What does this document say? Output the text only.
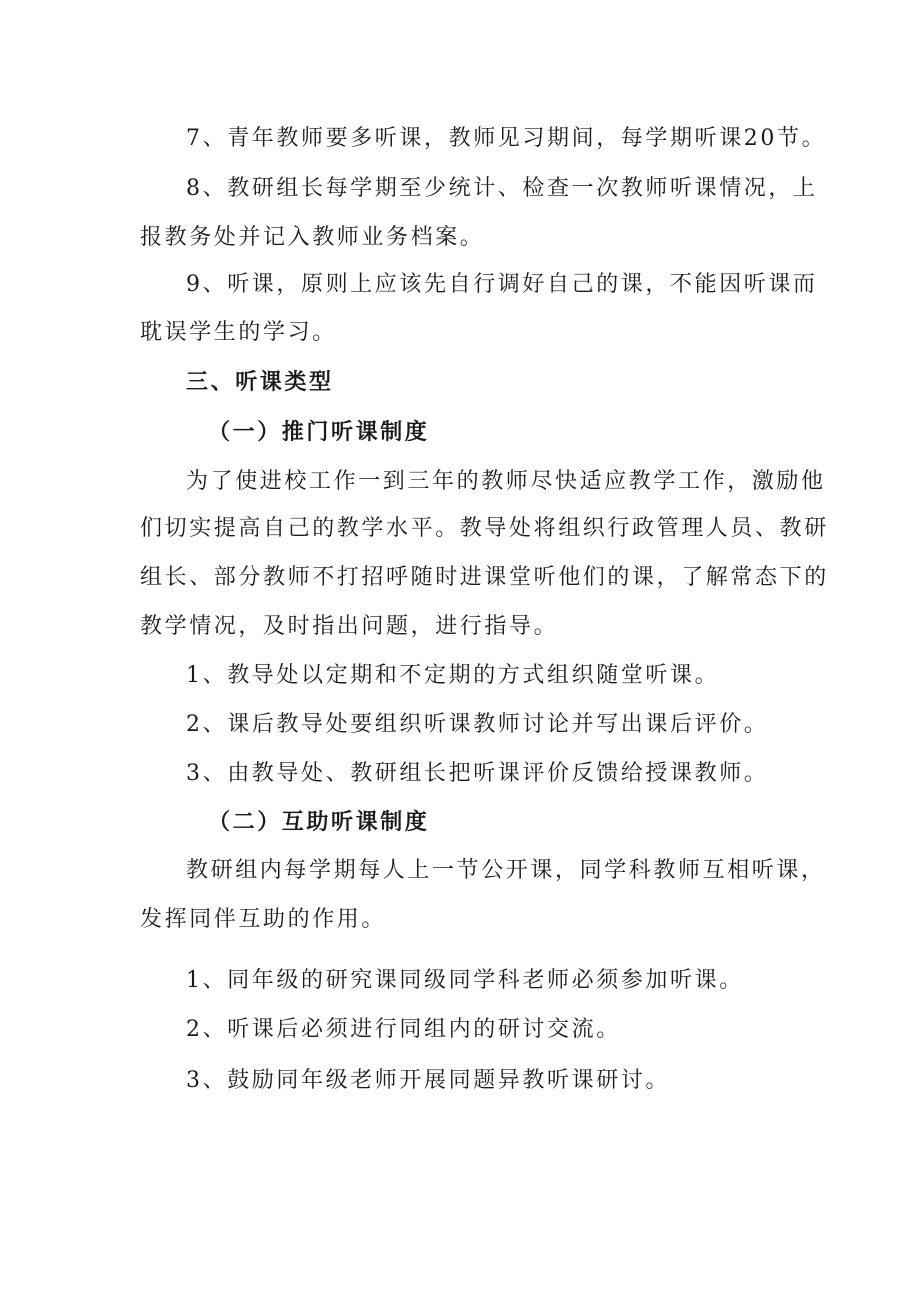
7、青年教师要多听课，教师见习期间，每学期听课20节。
8、教研组长每学期至少统计、检查一次教师听课情况，上
报教务处并记入教师业务档案。
9、听课，原则上应该先自行调好自己的课，不能因听课而
耽误学生的学习。
三、听课类型
（一）推门听课制度
为了使进校工作一到三年的教师尽快适应教学工作，激励他
们切实提高自己的教学水平。教导处将组织行政管理人员、教研
组长、部分教师不打招呼随时进课堂听他们的课，了解常态下的
教学情况，及时指出问题，进行指导。
1、教导处以定期和不定期的方式组织随堂听课。
2、课后教导处要组织听课教师讨论并写出课后评价。
3、由教导处、教研组长把听课评价反馈给授课教师。
（二）互助听课制度
教研组内每学期每人上一节公开课，同学科教师互相听课，
发挥同伴互助的作用。
1、同年级的研究课同级同学科老师必须参加听课。
2、听课后必须进行同组内的研讨交流。
3、鼓励同年级老师开展同题异教听课研讨。
